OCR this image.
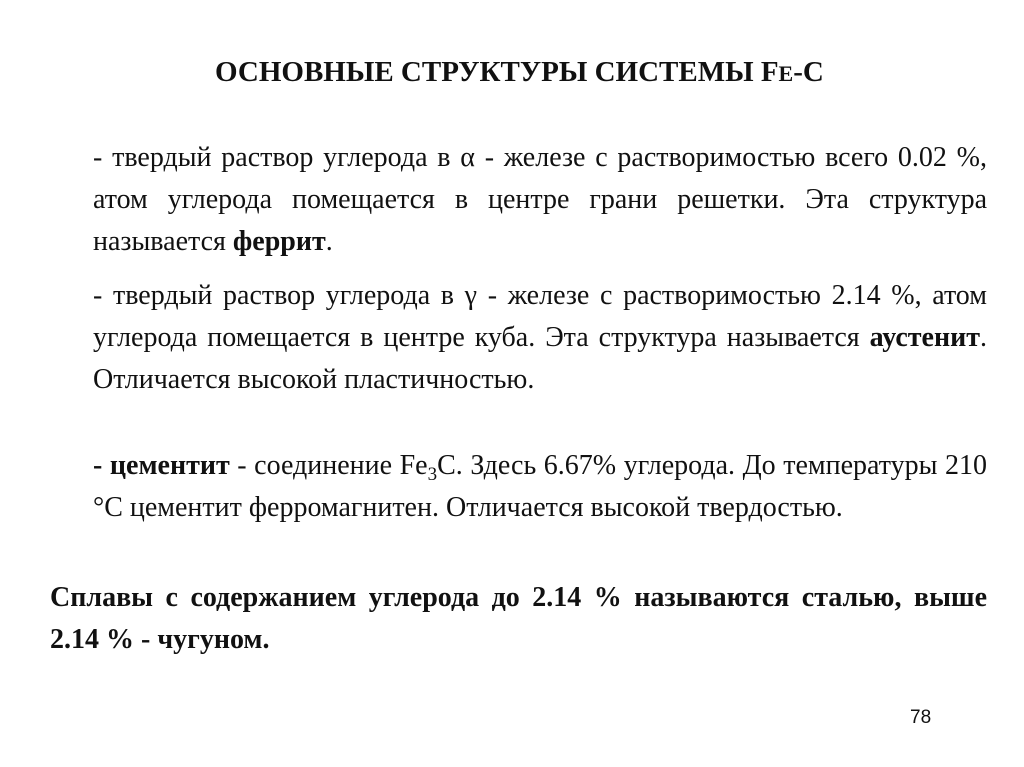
ОСНОВНЫЕ СТРУКТУРЫ СИСТЕМЫ FE-C
- твердый раствор углерода в α - железе с растворимостью всего 0.02 %, атом углерода помещается в центре грани решетки. Эта структура называется феррит.
- твердый раствор углерода в γ - железе с растворимостью 2.14 %, атом углерода помещается в центре куба. Эта структура называется аустенит. Отличается высокой пластичностью.
- цементит - соединение $Fe_3C$. Здесь 6.67% углерода. До температуры 210 °C цементит ферромагнитен. Отличается высокой твердостью.
Сплавы с содержанием углерода до 2.14 % называются сталью, выше 2.14 % - чугуном.
78
